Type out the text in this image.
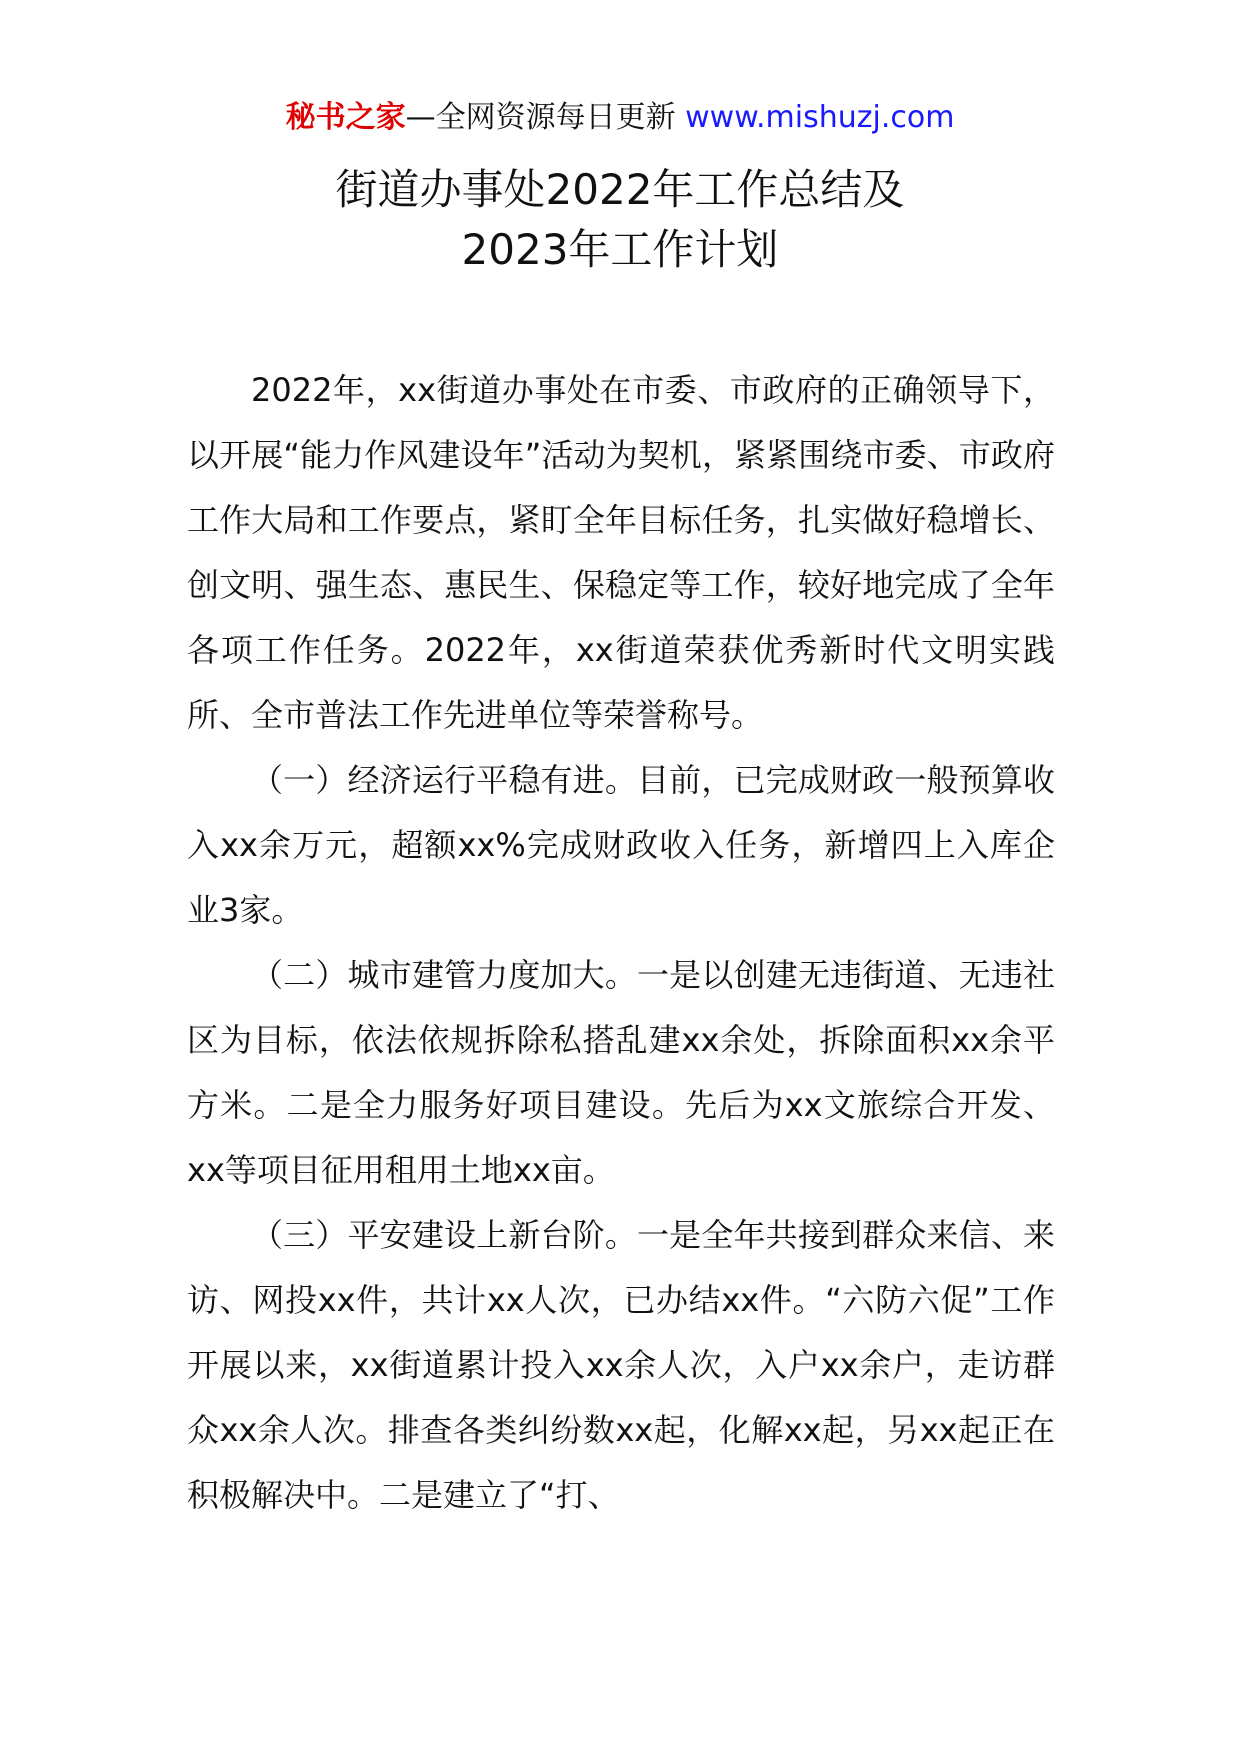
秘书之家—全网资源每日更新 www.mishuzj.com
街道办事处2022年工作总结及
2023年工作计划

2022年，xx街道办事处在市委、市政府的正确领导下，以开展“能力作风建设年”活动为契机，紧紧围绕市委、市政府工作大局和工作要点，紧盯全年目标任务，扎实做好稳增长、创文明、强生态、惠民生、保稳定等工作，较好地完成了全年各项工作任务。2022年，xx街道荣获优秀新时代文明实践所、全市普法工作先进单位等荣誉称号。

（一）经济运行平稳有进。目前，已完成财政一般预算收入xx余万元，超额xx%完成财政收入任务，新增四上入库企业3家。

（二）城市建管力度加大。一是以创建无违街道、无违社区为目标，依法依规拆除私搭乱建xx余处，拆除面积xx余平方米。二是全力服务好项目建设。先后为xx文旅综合开发、xx等项目征用租用土地xx亩。

（三）平安建设上新台阶。一是全年共接到群众来信、来访、网投xx件，共计xx人次，已办结xx件。“六防六促”工作开展以来，xx街道累计投入xx余人次，入户xx余户，走访群众xx余人次。排查各类纠纷数xx起，化解xx起，另xx起正在积极解决中。二是建立了“打、
